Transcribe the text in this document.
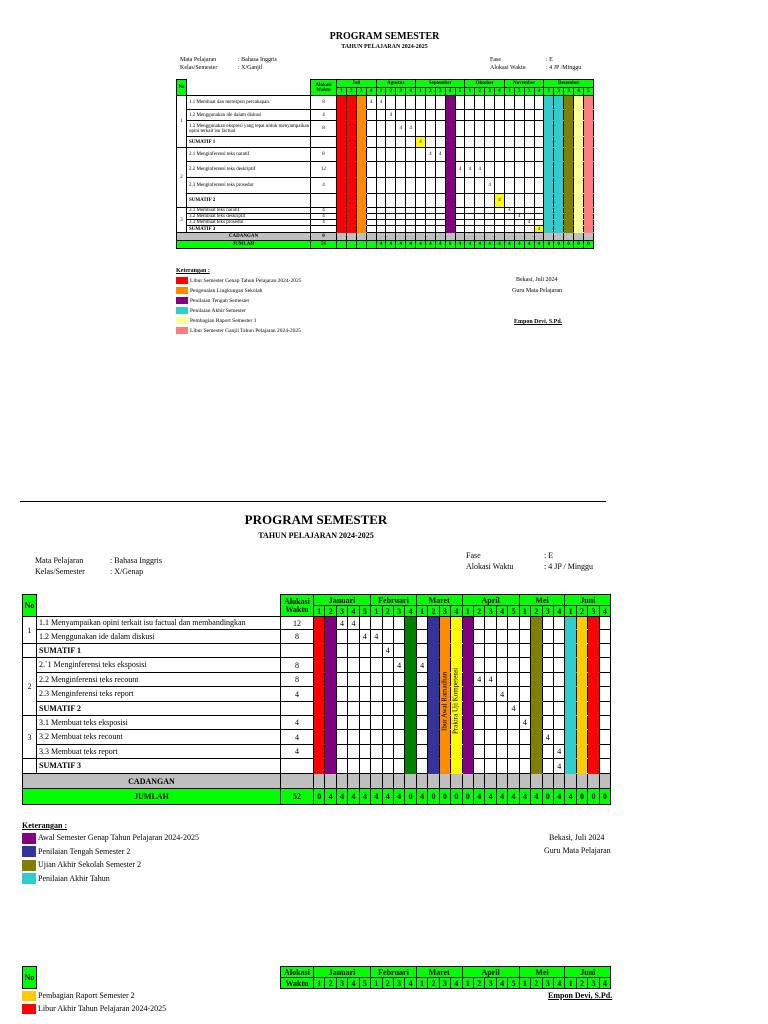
PROGRAM SEMESTER
TAHUN PELAJARAN 2024-2025
Mata Pelajaran	: Bahasa Inggris
Kelas/Semester	: X/Ganjil
Fase	: E
Alokasi Waktu	: 4 JP /Minggu
No		Alokasi Waktu	Juli				Agustus				September					Oktober				November				Desember				
			1	2	3	4	1	2	3	4	1	2	3	4	5	1	2	3	4	1	2	3	4	1	2	3	4	5
1	1.1 Membuat dan merespon percakapan.	8				4	4																					
	1.2 Menggunakan ide dalam diskusi	4						4																				
	1.3 Menggunakan ekspresi yang tepat untuk menyampaikan opini terkait isu factual	8							4	4																		
	SUMATIF 1										4																	
2	2.1 Menginferensi teks naratif	8										4	4															
	2.2 Menginferensi teks deskriptif	12													4	4	4											
	2.3 Menginferensi teks prosedur	4																4										
	SUMATIF 2																		4									
3	3.1 Membuat teks naratif	4																		4								
	3.2 Membuat teks deskriptif	4																			4							
	3.3 Membuat teks prosedur	4																				4						
	SUMATIF 3																						4					
CADANGAN		0																										
JUMLAH		56					4	4	4	4	4	4	4	0	4	4	4	4	4	4	4	4	4	0	0	0	0	0
Keterangan :
Libur Semester Genap Tahun Pelajaran 2024-2025
Pengenalan Lingkungan Sekolah
Penilaian Tengah Semester
Penilaian Akhir Semester
Pembagian Raport Semester 1
Libur Semester Ganjil Tahun Pelajaran 2024-2025
Bekasi, Juli 2024
Guru Mata Pelajaran
Empon Devi, S.Pd.
PROGRAM SEMESTER
TAHUN PELAJARAN 2024-2025
Mata Pelajaran	: Bahasa Inggris
Kelas/Semester	: X/Genap
Fase	: E
Alokasi Waktu	: 4 JP / Minggu
No		Alokasi Waktu	Januari					Februari				Maret				April					Mei				Juni			
			1	2	3	4	5	1	2	3	4	1	2	3	4	1	2	3	4	5	1	2	3	4	1	2	3	4
1	1.1 Menyampaikan opini terkait isu factual dan membandingkan	12			4	4																						
	1.2 Menggunakan ide dalam diskusi	8					4	4																				
	SUMATIF 1								4																			
2	2.`1 Menginferensi teks eksposisi	8								4		4																
	2.2 Menginferensi teks recount	8															4	4										
	2.3 Menginferensi teks report	4																	4									
	SUMATIF 2																			4								
3	3.1 Membuat teks eksposisi	4																			4							
	3.2 Membuat teks recount	4																					4					
	3.3 Membuat teks report	4																						4				
	SUMATIF 3																							4				
CADANGAN																												
JUMLAH		52	0	4	4	4	4	4	4	4	0	4	0	0	0	0	4	4	4	4	4	4	0	4	4	0	0	0
Keterangan :
Awal Semester Genap Tahun Pelajaran 2024-2025
Penilaian Tengah Semester 2
Ujian Akhir Sekolah Semester 2
Penilaian Akhir Tahun
Bekasi, Juli 2024
Guru Mata Pelajaran
No		Alokasi	Januari					Februari				Maret				April					Mei				Juni			
		Waktu	1	2	3	4	5	1	2	3	4	1	2	3	4	1	2	3	4	5	1	2	3	4	1	2	3	4
Pembagian Raport Semester 2
Libur Akhir Tahun Pelajaran 2024-2025
Empon Devi, S.Pd.
Ibur Awal Ramadhan Prakira Uji Kompetensi
